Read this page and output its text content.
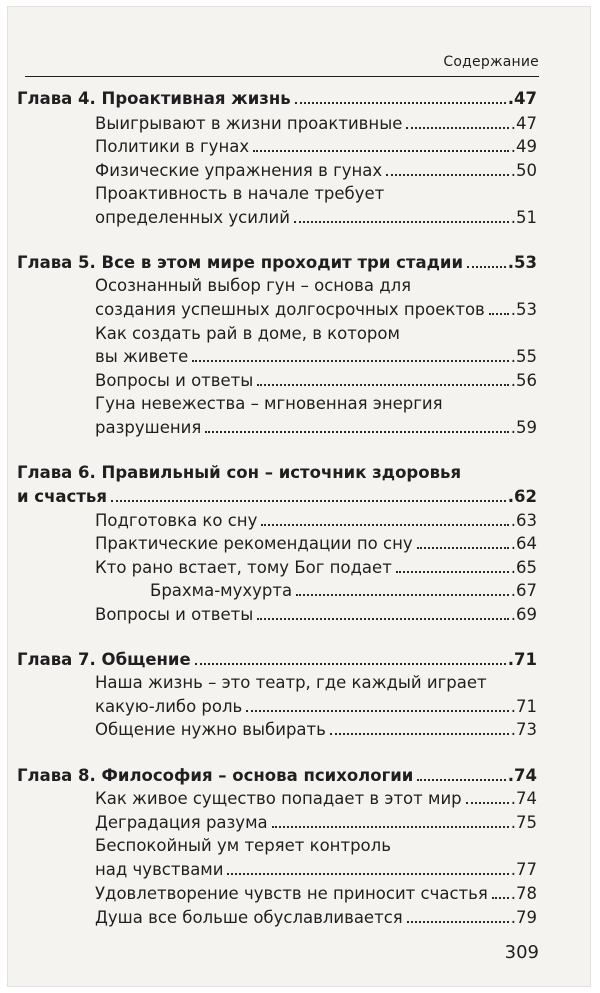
Содержание
Глава 4. Проактивная жизнь	.47
Выигрывают в жизни проактивные	.47
Политики в гунах	.49
Физические упражнения в гунах	.50
Проактивность в начале требует
определенных усилий	.51
Глава 5. Все в этом мире проходит три стадии	.53
Осознанный выбор гун – основа для
создания успешных долгосрочных проектов .53
Как создать рай в доме, в котором
вы живете	.55
Вопросы и ответы	.56
Гуна невежества – мгновенная энергия
разрушения	.59
Глава 6. Правильный сон – источник здоровья
и счастья	.62
Подготовка ко сну	.63
Практические рекомендации по сну	.64
Кто рано встает, тому Бог подает	.65
Брахма-мухурта	.67
Вопросы и ответы	.69
Глава 7. Общение	.71
Наша жизнь – это театр, где каждый играет
какую-либо роль	.71
Общение нужно выбирать	.73
Глава 8. Философия – основа психологии	.74
Как живое существо попадает в этот мир	.74
Деградация разума	.75
Беспокойный ум теряет контроль
над чувствами	.77
Удовлетворение чувств не приносит счастья .78
Душа все больше обуславливается	.79
309
